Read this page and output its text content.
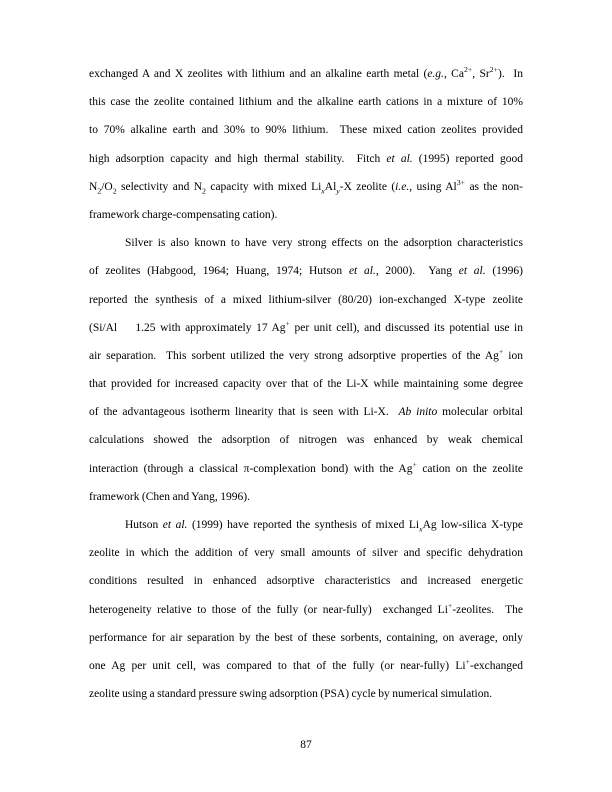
exchanged A and X zeolites with lithium and an alkaline earth metal (e.g., $Ca^{2+}$, $Sr^{2+}$).  In
this case the zeolite contained lithium and the alkaline earth cations in a mixture of 10%
to 70% alkaline earth and 30% to 90% lithium.  These mixed cation zeolites provided
high adsorption capacity and high thermal stability.  Fitch et al. (1995) reported good
$N_2/O_2$ selectivity and $N_2$ capacity with mixed $Li_xAl_y-X$ zeolite (i.e., using $Al^{3+}$ as the non-
framework charge-compensating cation).
Silver is also known to have very strong effects on the adsorption characteristics
of zeolites (Habgood, 1964; Huang, 1974; Hutson et al., 2000).  Yang et al. (1996)
reported the synthesis of a mixed lithium-silver (80/20) ion-exchanged X-type zeolite
(Si/Al    1.25 with approximately 17 Ag+ per unit cell), and discussed its potential use in
air separation.  This sorbent utilized the very strong adsorptive properties of the Ag+ ion
that provided for increased capacity over that of the Li-X while maintaining some degree
of the advantageous isotherm linearity that is seen with Li-X.  Ab inito molecular orbital
calculations showed the adsorption of nitrogen was enhanced by weak chemical
interaction (through a classical π-complexation bond) with the Ag+ cation on the zeolite
framework (Chen and Yang, 1996).
Hutson et al. (1999) have reported the synthesis of mixed $Li_xAg$ low-silica X-type
zeolite in which the addition of very small amounts of silver and specific dehydration
conditions resulted in enhanced adsorptive characteristics and increased energetic
heterogeneity relative to those of the fully (or near-fully)  exchanged Li+-zeolites.  The
performance for air separation by the best of these sorbents, containing, on average, only
one Ag per unit cell, was compared to that of the fully (or near-fully) Li+-exchanged
zeolite using a standard pressure swing adsorption (PSA) cycle by numerical simulation.
87
